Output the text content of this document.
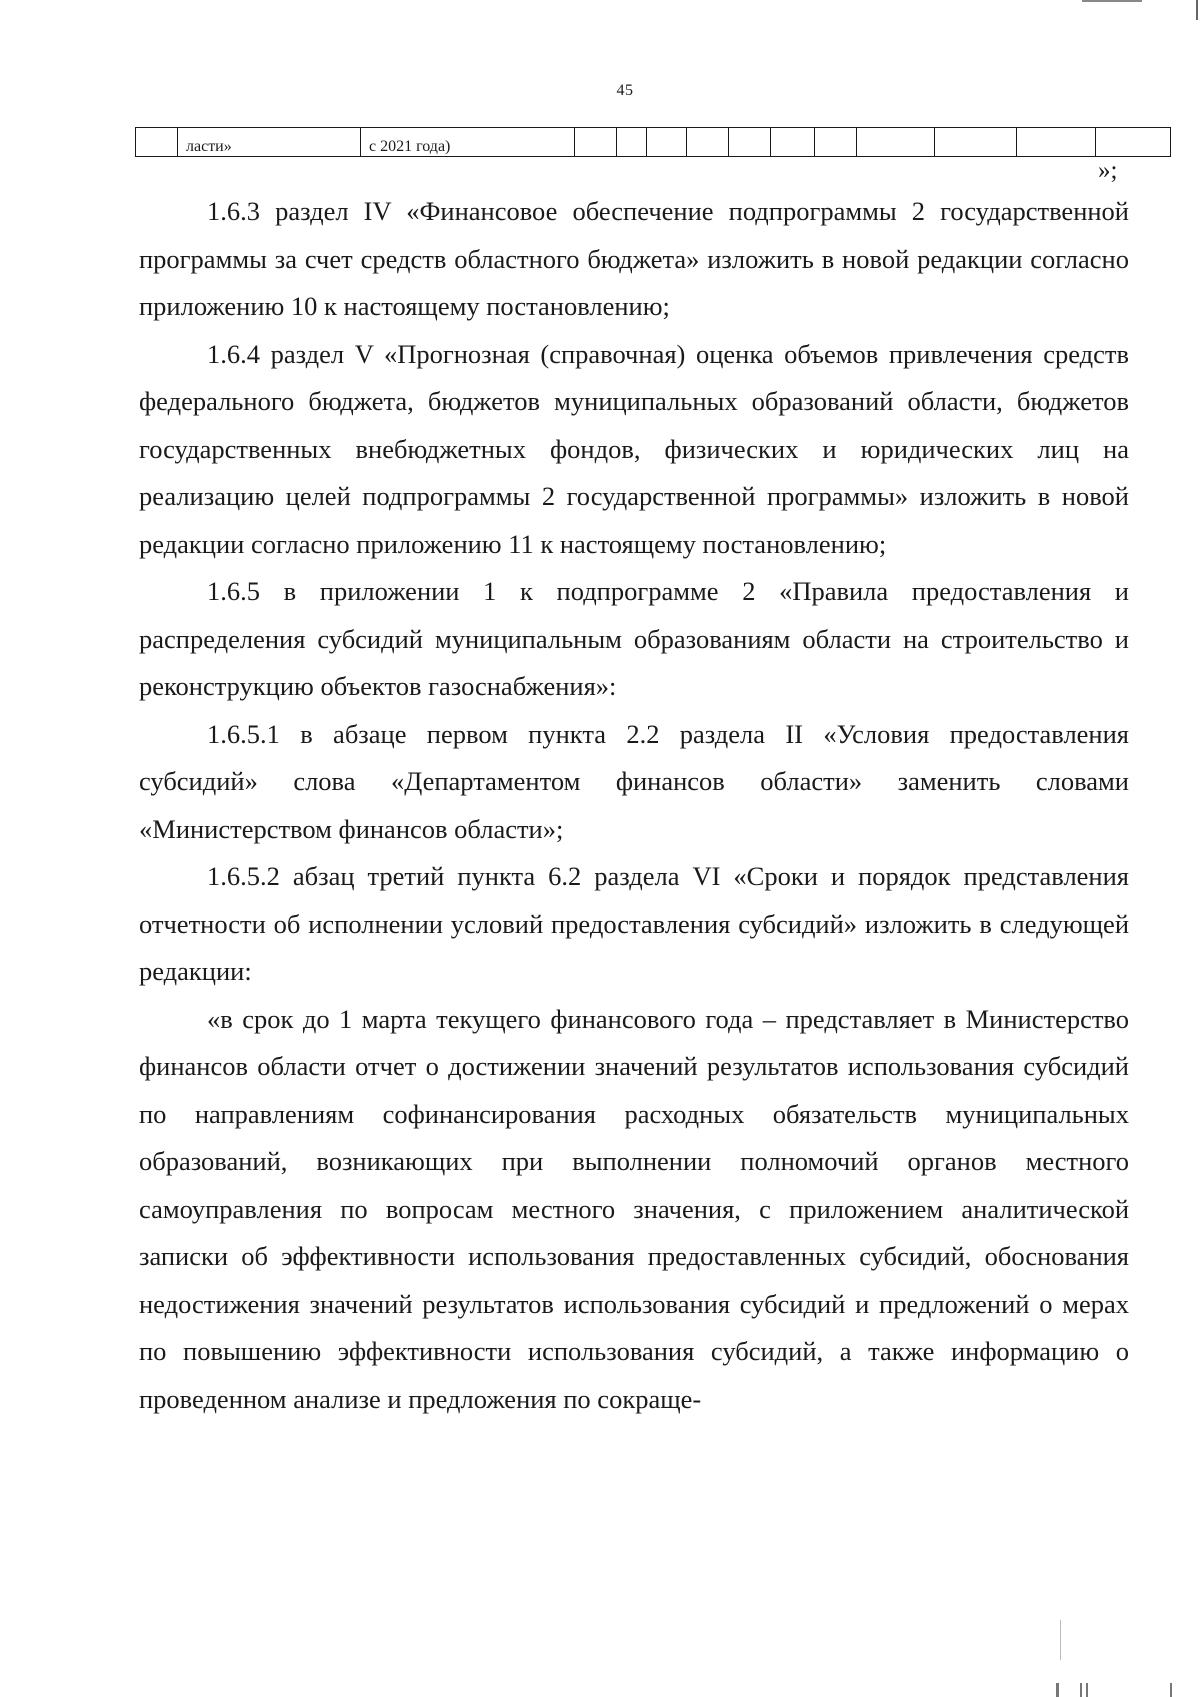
45
	ласти»	с 2021 года)											
»;

1.6.3 раздел IV «Финансовое обеспечение подпрограммы 2 государственной программы за счет средств областного бюджета» изложить в новой редакции согласно приложению 10 к настоящему постановлению;

1.6.4 раздел V «Прогнозная (справочная) оценка объемов привлечения средств федерального бюджета, бюджетов муниципальных образований области, бюджетов государственных внебюджетных фондов, физических и юридических лиц на реализацию целей подпрограммы 2 государственной программы» изложить в новой редакции согласно приложению 11 к настоящему постановлению;

1.6.5 в приложении 1 к подпрограмме 2 «Правила предоставления и распределения субсидий муниципальным образованиям области на строительство и реконструкцию объектов газоснабжения»:

1.6.5.1 в абзаце первом пункта 2.2 раздела II «Условия предоставления субсидий» слова «Департаментом финансов области» заменить словами «Министерством финансов области»;

1.6.5.2 абзац третий пункта 6.2 раздела VI «Сроки и порядок представления отчетности об исполнении условий предоставления субсидий» изложить в следующей редакции:

«в срок до 1 марта текущего финансового года – представляет в Министерство финансов области отчет о достижении значений результатов использования субсидий по направлениям софинансирования расходных обязательств муниципальных образований, возникающих при выполнении полномочий органов местного самоуправления по вопросам местного значения, с приложением аналитической записки об эффективности использования предоставленных субсидий, обоснования недостижения значений результатов использования субсидий и предложений о мерах по повышению эффективности использования субсидий, а также информацию о проведенном анализе и предложения по сокраще-
